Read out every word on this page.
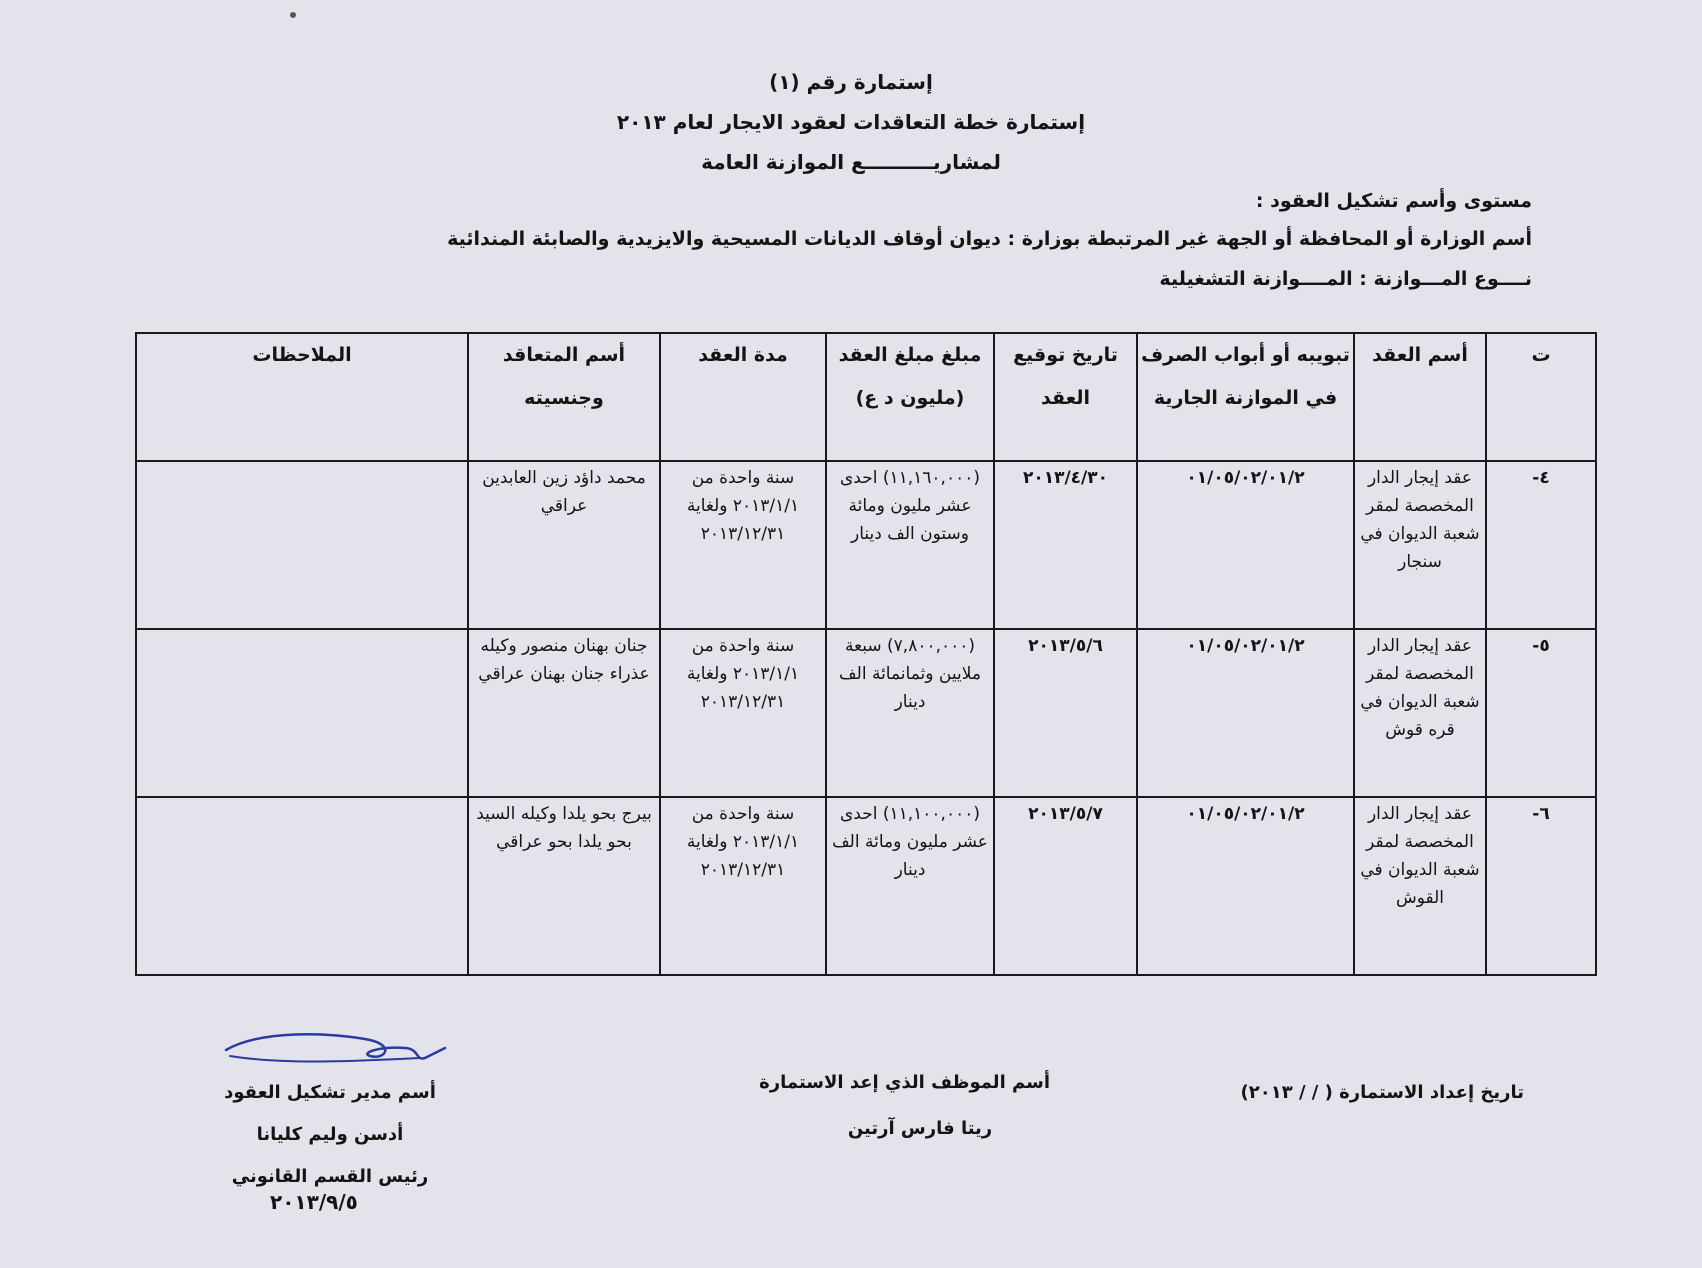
إستمارة رقم (١)
إستمارة خطة التعاقدات لعقود الايجار لعام ٢٠١٣
لمشاريــــــــــع الموازنة العامة
مستوى وأسم تشكيل العقود :
أسم الوزارة أو المحافظة أو الجهة غير المرتبطة بوزارة : ديوان أوقاف الديانات المسيحية والايزيدية والصابئة المندائية
نــــوع المـــوازنة : المــــوازنة التشغيلية
ت	أسم العقد	تبويبه أو أبواب الصرف في الموازنة الجارية	تاريخ توقيع العقد	مبلغ مبلغ العقد (مليون د ع)	مدة العقد	أسم المتعاقد وجنسيته	الملاحظات
٤-	عقد إيجار الدار المخصصة لمقر شعبة الديوان في سنجار	٠١/٠٥/٠٢/٠١/٢	٢٠١٣/٤/٣٠	(١١,١٦٠,٠٠٠) احدى عشر مليون ومائة وستون الف دينار	سنة واحدة من ٢٠١٣/١/١ ولغاية ٢٠١٣/١٢/٣١	محمد داؤد زين العابدين عراقي	
٥-	عقد إيجار الدار المخصصة لمقر شعبة الديوان في قره قوش	٠١/٠٥/٠٢/٠١/٢	٢٠١٣/٥/٦	(٧,٨٠٠,٠٠٠) سبعة ملايين وثمانمائة الف دينار	سنة واحدة من ٢٠١٣/١/١ ولغاية ٢٠١٣/١٢/٣١	جنان بهنان منصور وكيله عذراء جنان بهنان عراقي	
٦-	عقد إيجار الدار المخصصة لمقر شعبة الديوان في القوش	٠١/٠٥/٠٢/٠١/٢	٢٠١٣/٥/٧	(١١,١٠٠,٠٠٠) احدى عشر مليون ومائة الف دينار	سنة واحدة من ٢٠١٣/١/١ ولغاية ٢٠١٣/١٢/٣١	بيرج بحو يلدا وكيله السيد بحو يلدا بحو عراقي	
تاريخ إعداد الاستمارة ( / / ٢٠١٣)
أسم الموظف الذي إعد الاستمارة
ريتا فارس آرتين
أسم مدير تشكيل العقود
أدسن وليم كليانا
رئيس القسم القانوني
٢٠١٣/٩/٥
